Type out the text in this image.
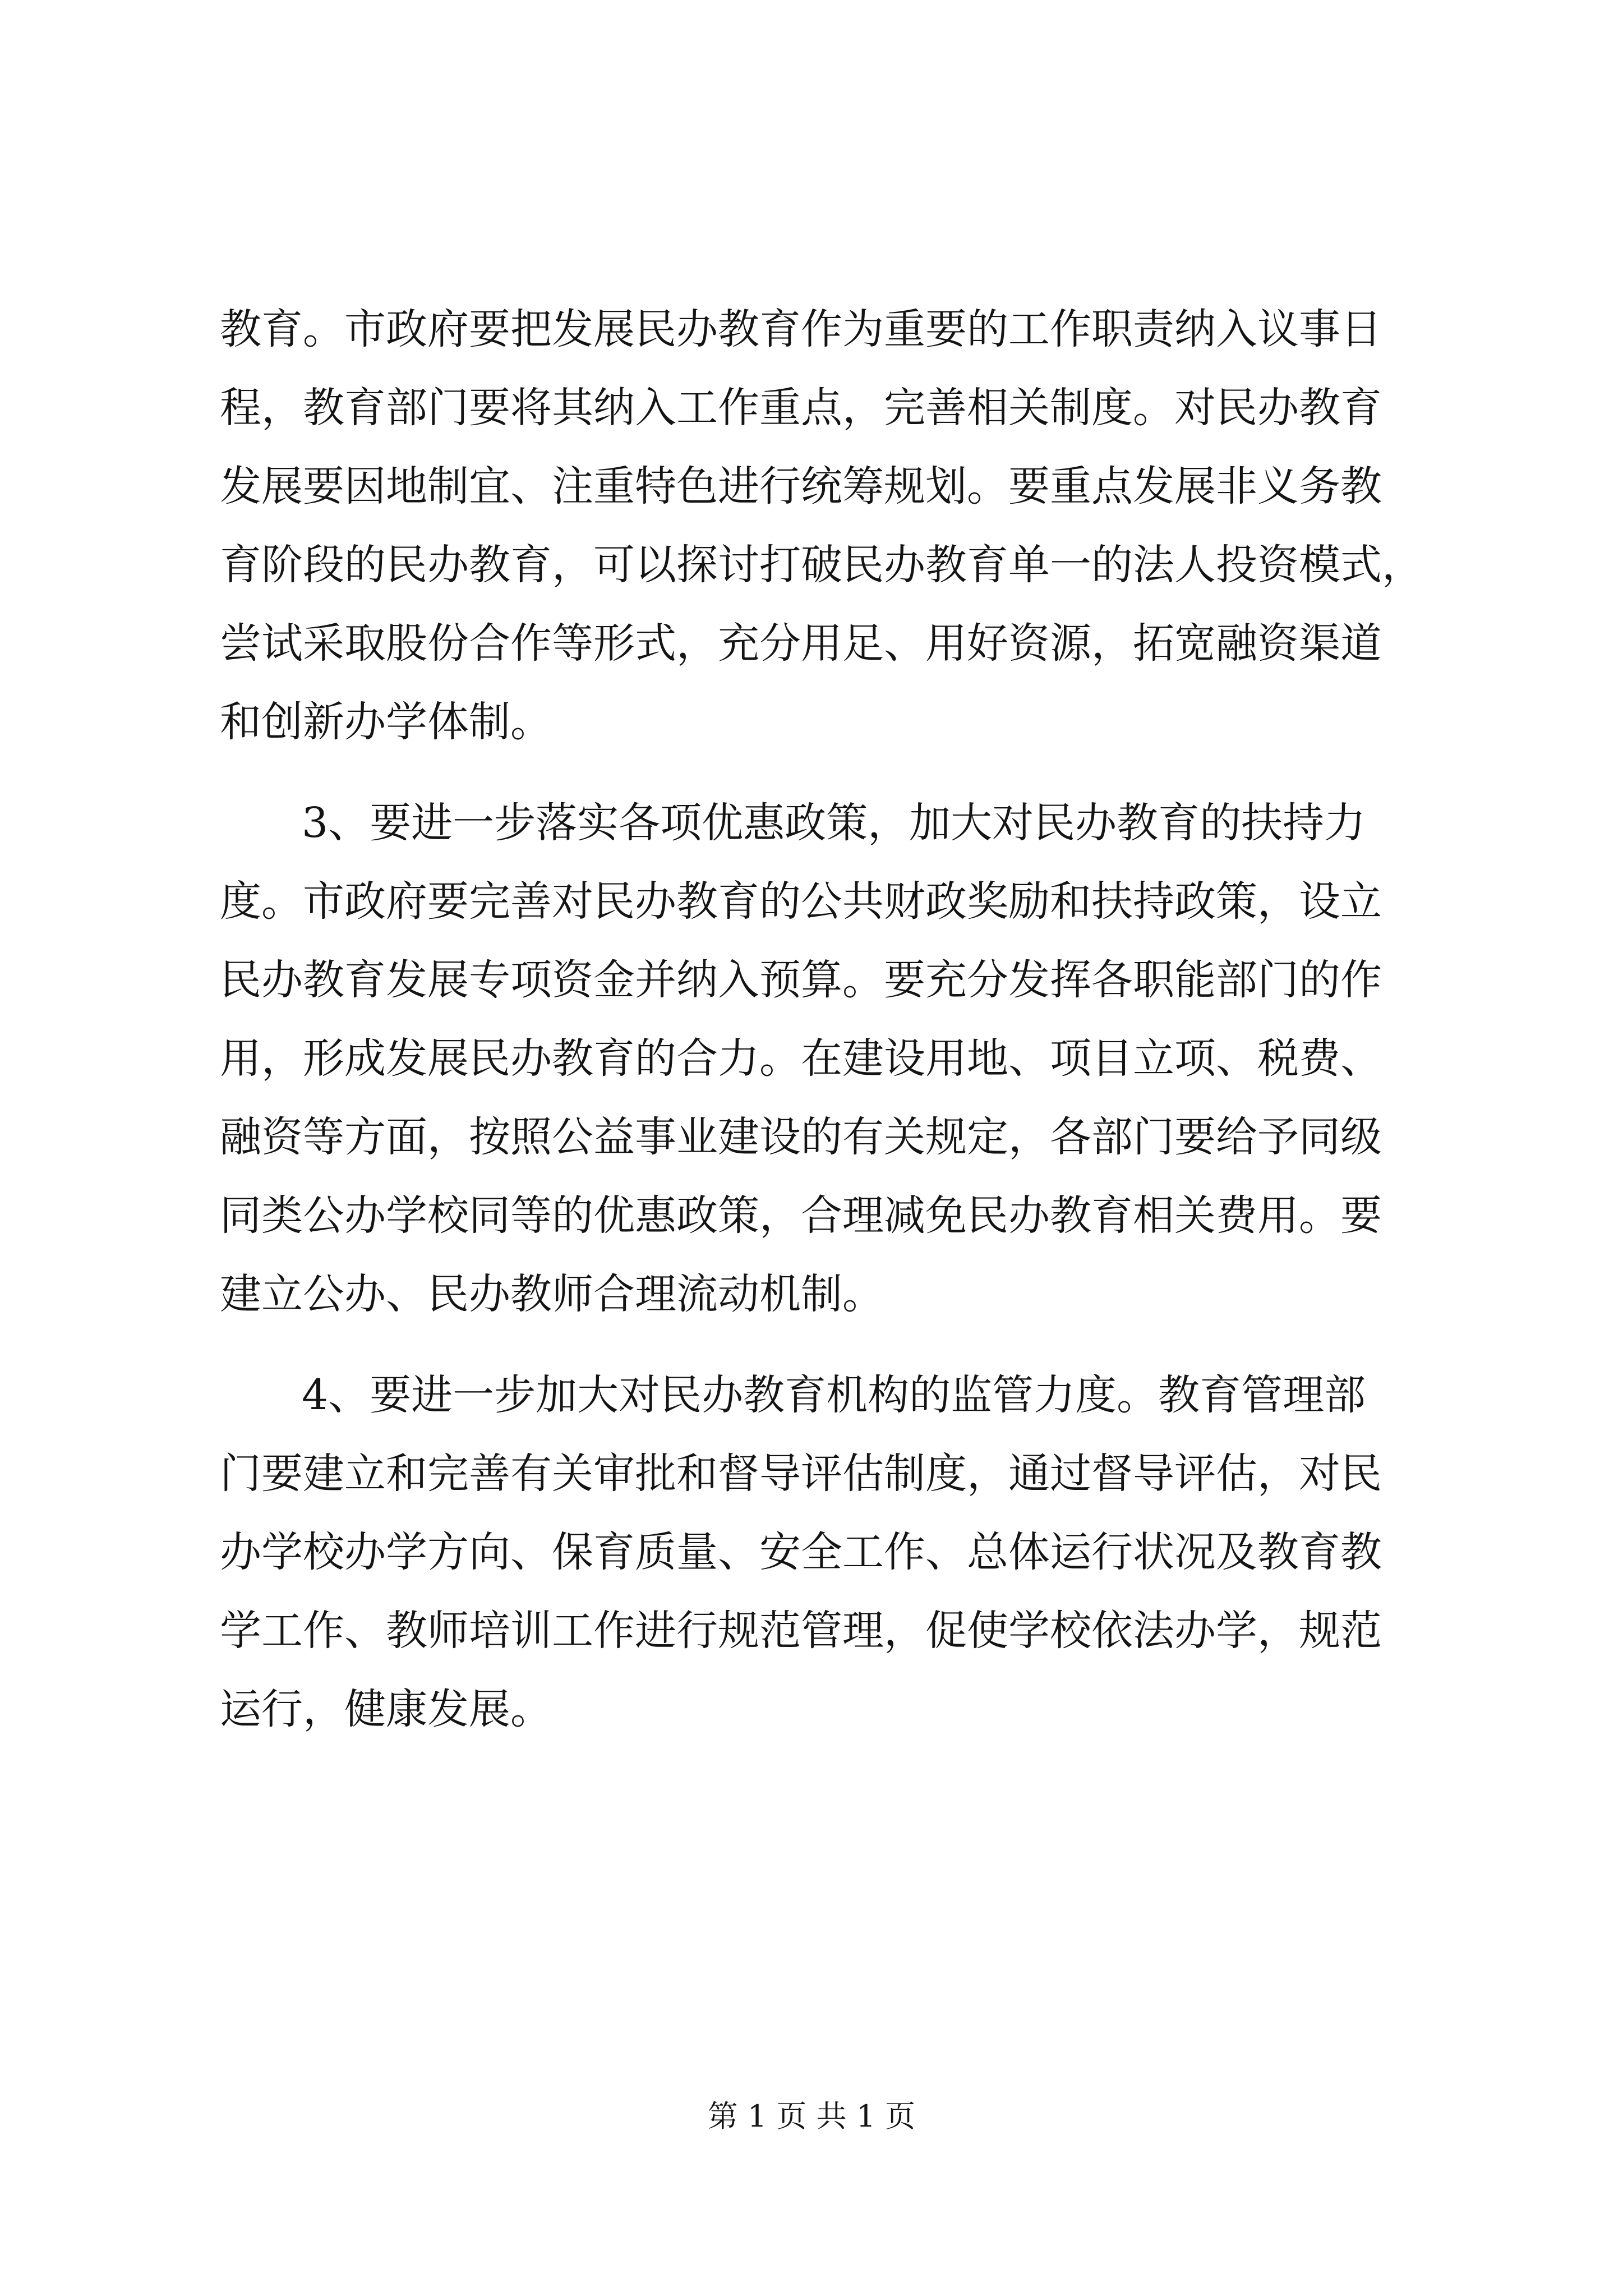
教育。市政府要把发展民办教育作为重要的工作职责纳入议事日
程，教育部门要将其纳入工作重点，完善相关制度。对民办教育
发展要因地制宜、注重特色进行统筹规划。要重点发展非义务教
育阶段的民办教育，可以探讨打破民办教育单一的法人投资模式，
尝试采取股份合作等形式，充分用足、用好资源，拓宽融资渠道
和创新办学体制。
3、要进一步落实各项优惠政策，加大对民办教育的扶持力
度。市政府要完善对民办教育的公共财政奖励和扶持政策，设立
民办教育发展专项资金并纳入预算。要充分发挥各职能部门的作
用，形成发展民办教育的合力。在建设用地、项目立项、税费、
融资等方面，按照公益事业建设的有关规定，各部门要给予同级
同类公办学校同等的优惠政策，合理减免民办教育相关费用。要
建立公办、民办教师合理流动机制。
4、要进一步加大对民办教育机构的监管力度。教育管理部
门要建立和完善有关审批和督导评估制度，通过督导评估，对民
办学校办学方向、保育质量、安全工作、总体运行状况及教育教
学工作、教师培训工作进行规范管理，促使学校依法办学，规范
运行，健康发展。
第 1 页 共 1 页
